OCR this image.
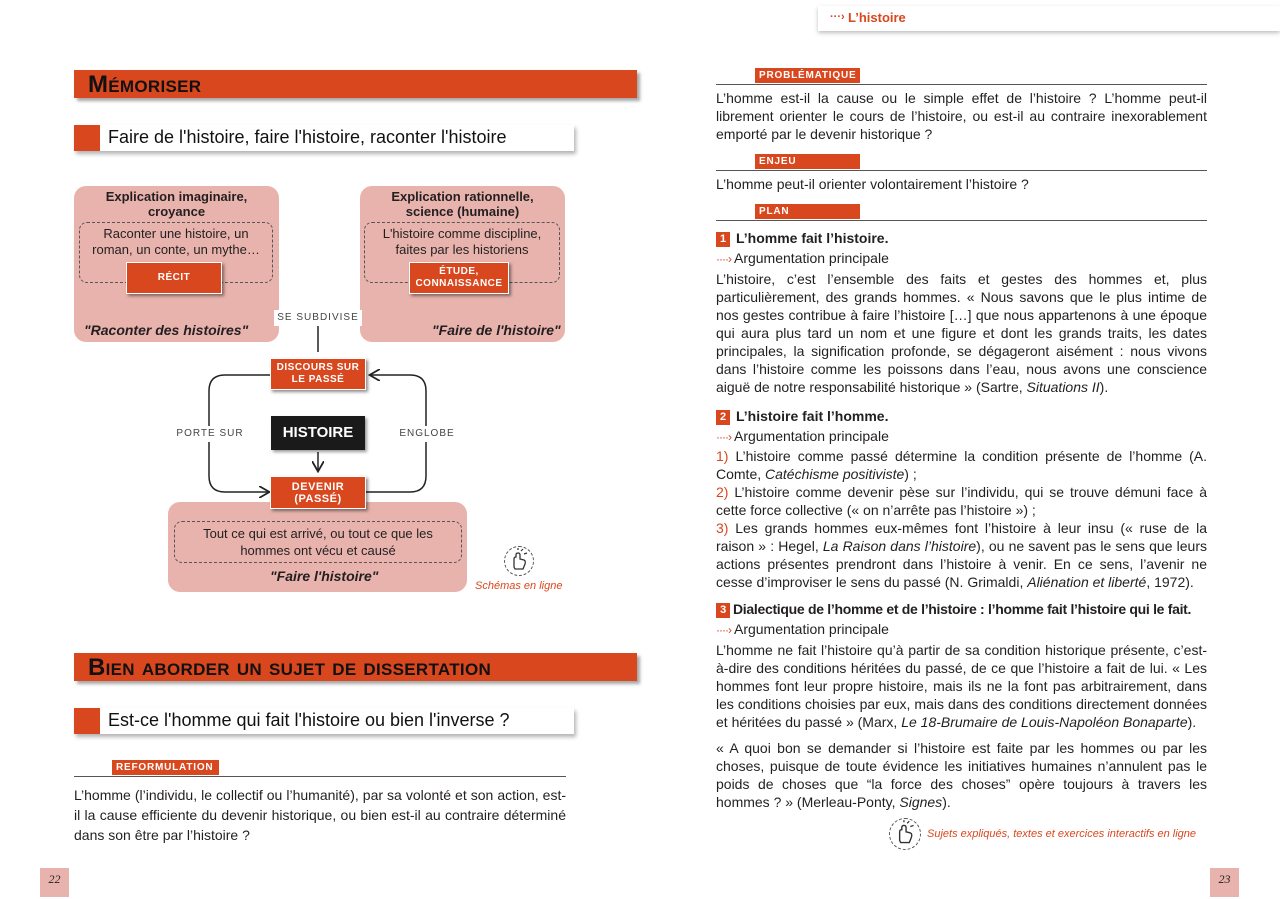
···› L’histoire
Mémoriser
Faire de l'histoire, faire l'histoire, raconter l'histoire
Explication imaginaire, croyance
Raconter une histoire, un roman, un conte, un mythe…
RÉCIT
"Raconter des histoires"
Explication rationnelle, science (humaine)
L'histoire comme discipline, faites par les historiens
ÉTUDE, CONNAISSANCE
"Faire de l'histoire"
SE SUBDIVISE
DISCOURS SUR LE PASSÉ
HISTOIRE
PORTE SUR	ENGLOBE
Tout ce qui est arrivé, ou tout ce que les hommes ont vécu et causé
"Faire l'histoire"
DEVENIR (PASSÉ)
Schémas en ligne
Bien aborder un sujet de dissertation
Est-ce l'homme qui fait l'histoire ou bien l'inverse ?
REFORMULATION
L’homme (l’individu, le collectif ou l’humanité), par sa volonté et son action, est-il la cause efficiente du devenir historique, ou bien est-il au contraire déterminé dans son être par l’histoire ?
22
PROBLÉMATIQUE
L’homme est-il la cause ou le simple effet de l’histoire ? L’homme peut-il librement orienter le cours de l’histoire, ou est-il au contraire inexorablement emporté par le devenir historique ?
ENJEU
L’homme peut-il orienter volontairement l’histoire ?
PLAN
1 L’homme fait l’histoire.
····› Argumentation principale
L’histoire, c’est l’ensemble des faits et gestes des hommes et, plus particulièrement, des grands hommes. « Nous savons que le plus intime de nos gestes contribue à faire l’histoire […] que nous appartenons à une époque qui aura plus tard un nom et une figure et dont les grands traits, les dates principales, la signification profonde, se dégageront aisément : nous vivons dans l’histoire comme les poissons dans l’eau, nous avons une conscience aiguë de notre responsabilité historique » (Sartre, Situations II).
2 L’histoire fait l’homme.
····› Argumentation principale
1) L’histoire comme passé détermine la condition présente de l’homme (A. Comte, Catéchisme positiviste) ;
2) L’histoire comme devenir pèse sur l’individu, qui se trouve démuni face à cette force collective (« on n’arrête pas l’histoire ») ;
3) Les grands hommes eux-mêmes font l’histoire à leur insu (« ruse de la raison » : Hegel, La Raison dans l’histoire), ou ne savent pas le sens que leurs actions présentes prendront dans l’histoire à venir. En ce sens, l’avenir ne cesse d’improviser le sens du passé (N. Grimaldi, Aliénation et liberté, 1972).
3 Dialectique de l’homme et de l’histoire : l’homme fait l’histoire qui le fait.
····› Argumentation principale
L’homme ne fait l’histoire qu’à partir de sa condition historique présente, c’est-à-dire des conditions héritées du passé, de ce que l’histoire a fait de lui. « Les hommes font leur propre histoire, mais ils ne la font pas arbitrairement, dans les conditions choisies par eux, mais dans des conditions directement données et héritées du passé » (Marx, Le 18-Brumaire de Louis-Napoléon Bonaparte).
« A quoi bon se demander si l’histoire est faite par les hommes ou par les choses, puisque de toute évidence les initiatives humaines n’annulent pas le poids de choses que “la force des choses” opère toujours à travers les hommes ? » (Merleau-Ponty, Signes).
Sujets expliqués, textes et exercices interactifs en ligne
23
